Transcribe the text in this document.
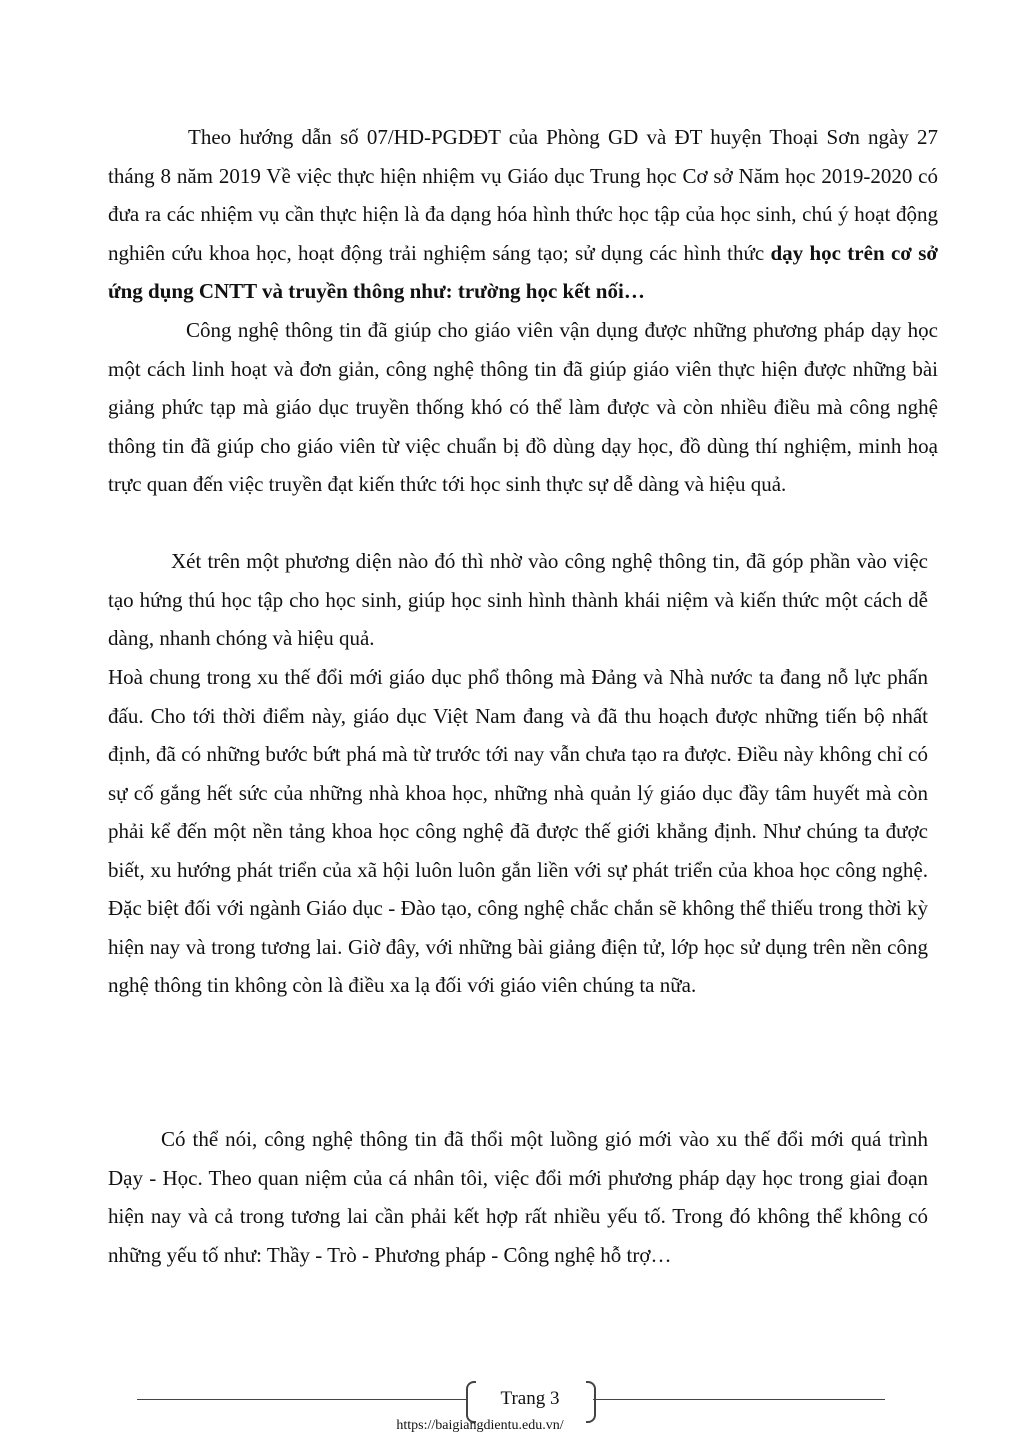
Theo hướng dẫn số 07/HD-PGDĐT của Phòng GD và ĐT huyện Thoại Sơn ngày 27 tháng 8 năm 2019 Về việc thực hiện nhiệm vụ Giáo dục Trung học Cơ sở Năm học 2019-2020 có đưa ra các nhiệm vụ cần thực hiện là đa dạng hóa hình thức học tập của học sinh, chú ý hoạt động nghiên cứu khoa học, hoạt động trải nghiệm sáng tạo; sử dụng các hình thức dạy học trên cơ sở ứng dụng CNTT và truyền thông như: trường học kết nối…

Công nghệ thông tin đã giúp cho giáo viên vận dụng được những phương pháp dạy học một cách linh hoạt và đơn giản, công nghệ thông tin đã giúp giáo viên thực hiện được những bài giảng phức tạp mà giáo dục truyền thống khó có thể làm được và còn nhiều điều mà công nghệ thông tin đã giúp cho giáo viên từ việc chuẩn bị đồ dùng dạy học, đồ dùng thí nghiệm, minh hoạ trực quan đến việc truyền đạt kiến thức tới học sinh thực sự dễ dàng và hiệu quả.

Xét trên một phương diện nào đó thì nhờ vào công nghệ thông tin, đã góp phần vào việc tạo hứng thú học tập cho học sinh, giúp học sinh hình thành khái niệm và kiến thức một cách dễ dàng, nhanh chóng và hiệu quả.

Hoà chung trong xu thế đổi mới giáo dục phổ thông mà Đảng và Nhà nước ta đang nỗ lực phấn đấu. Cho tới thời điểm này, giáo dục Việt Nam đang và đã thu hoạch được những tiến bộ nhất định, đã có những bước bứt phá mà từ trước tới nay vẫn chưa tạo ra được. Điều này không chỉ có sự cố gắng hết sức của những nhà khoa học, những nhà quản lý giáo dục đầy tâm huyết mà còn phải kể đến một nền tảng khoa học công nghệ đã được thế giới khẳng định. Như chúng ta được biết, xu hướng phát triển của xã hội luôn luôn gắn liền với sự phát triển của khoa học công nghệ. Đặc biệt đối với ngành Giáo dục - Đào tạo, công nghệ chắc chắn sẽ không thể thiếu trong thời kỳ hiện nay và trong tương lai. Giờ đây, với những bài giảng điện tử, lớp học sử dụng trên nền công nghệ thông tin không còn là điều xa lạ đối với giáo viên chúng ta nữa.

Có thể nói, công nghệ thông tin đã thổi một luồng gió mới vào xu thế đổi mới quá trình Dạy - Học. Theo quan niệm của cá nhân tôi, việc đổi mới phương pháp dạy học trong giai đoạn hiện nay và cả trong tương lai cần phải kết hợp rất nhiều yếu tố. Trong đó không thể không có những yếu tố như: Thầy - Trò - Phương pháp - Công nghệ hỗ trợ…

Trang 3
https://baigiangdientu.edu.vn/
